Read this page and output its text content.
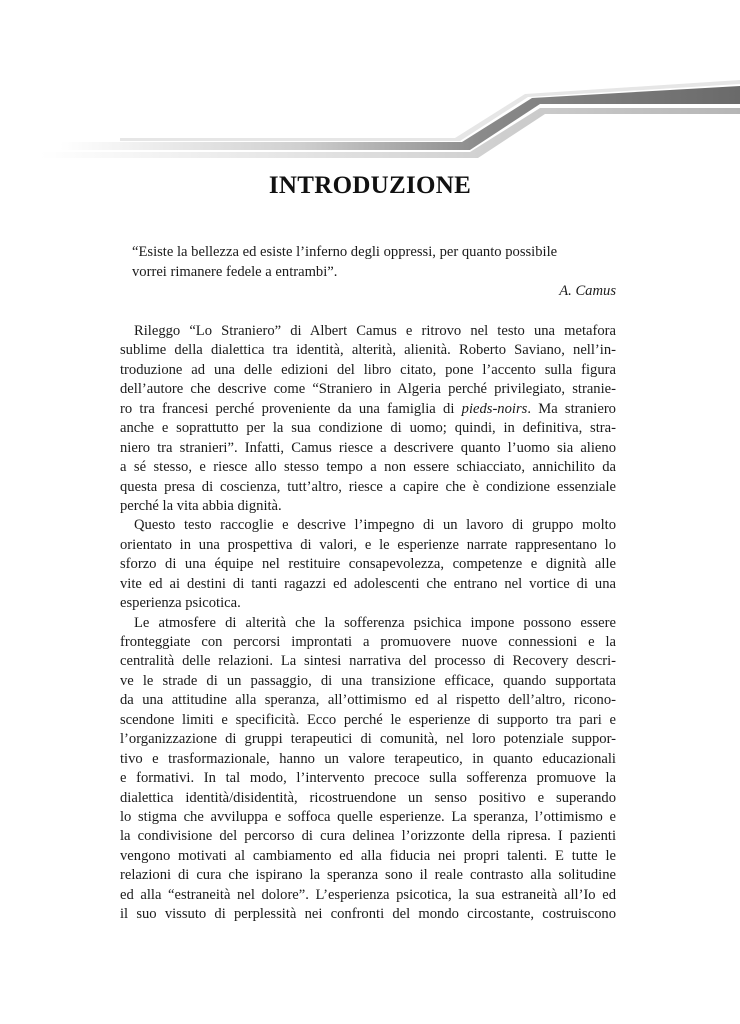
INTRODUZIONE

“Esiste la bellezza ed esiste l’inferno degli oppressi, per quanto possibile

vorrei rimanere fedele a entrambi”.

A. Camus

Rileggo “Lo Straniero” di Albert Camus e ritrovo nel testo una metafora
sublime della dialettica tra identità, alterità, alienità. Roberto Saviano, nell’in-
troduzione ad una delle edizioni del libro citato, pone l’accento sulla figura
dell’autore che descrive come “Straniero in Algeria perché privilegiato, stranie-
ro tra francesi perché proveniente da una famiglia di pieds-noirs. Ma straniero
anche e soprattutto per la sua condizione di uomo; quindi, in definitiva, stra-
niero tra stranieri”. Infatti, Camus riesce a descrivere quanto l’uomo sia alieno
a sé stesso, e riesce allo stesso tempo a non essere schiacciato, annichilito da
questa presa di coscienza, tutt’altro, riesce a capire che è condizione essenziale
perché la vita abbia dignità.
Questo testo raccoglie e descrive l’impegno di un lavoro di gruppo molto
orientato in una prospettiva di valori, e le esperienze narrate rappresentano lo
sforzo di una équipe nel restituire consapevolezza, competenze e dignità alle
vite ed ai destini di tanti ragazzi ed adolescenti che entrano nel vortice di una
esperienza psicotica.
Le atmosfere di alterità che la sofferenza psichica impone possono essere
fronteggiate con percorsi improntati a promuovere nuove connessioni e la
centralità delle relazioni. La sintesi narrativa del processo di Recovery descri-
ve le strade di un passaggio, di una transizione efficace, quando supportata
da una attitudine alla speranza, all’ottimismo ed al rispetto dell’altro, ricono-
scendone limiti e specificità. Ecco perché le esperienze di supporto tra pari e
l’organizzazione di gruppi terapeutici di comunità, nel loro potenziale suppor-
tivo e trasformazionale, hanno un valore terapeutico, in quanto educazionali
e formativi. In tal modo, l’intervento precoce sulla sofferenza promuove la
dialettica identità/disidentità, ricostruendone un senso positivo e superando
lo stigma che avviluppa e soffoca quelle esperienze. La speranza, l’ottimismo e
la condivisione del percorso di cura delinea l’orizzonte della ripresa. I pazienti
vengono motivati al cambiamento ed alla fiducia nei propri talenti. E tutte le
relazioni di cura che ispirano la speranza sono il reale contrasto alla solitudine
ed alla “estraneità nel dolore”. L’esperienza psicotica, la sua estraneità all’Io ed
il suo vissuto di perplessità nei confronti del mondo circostante, costruiscono
